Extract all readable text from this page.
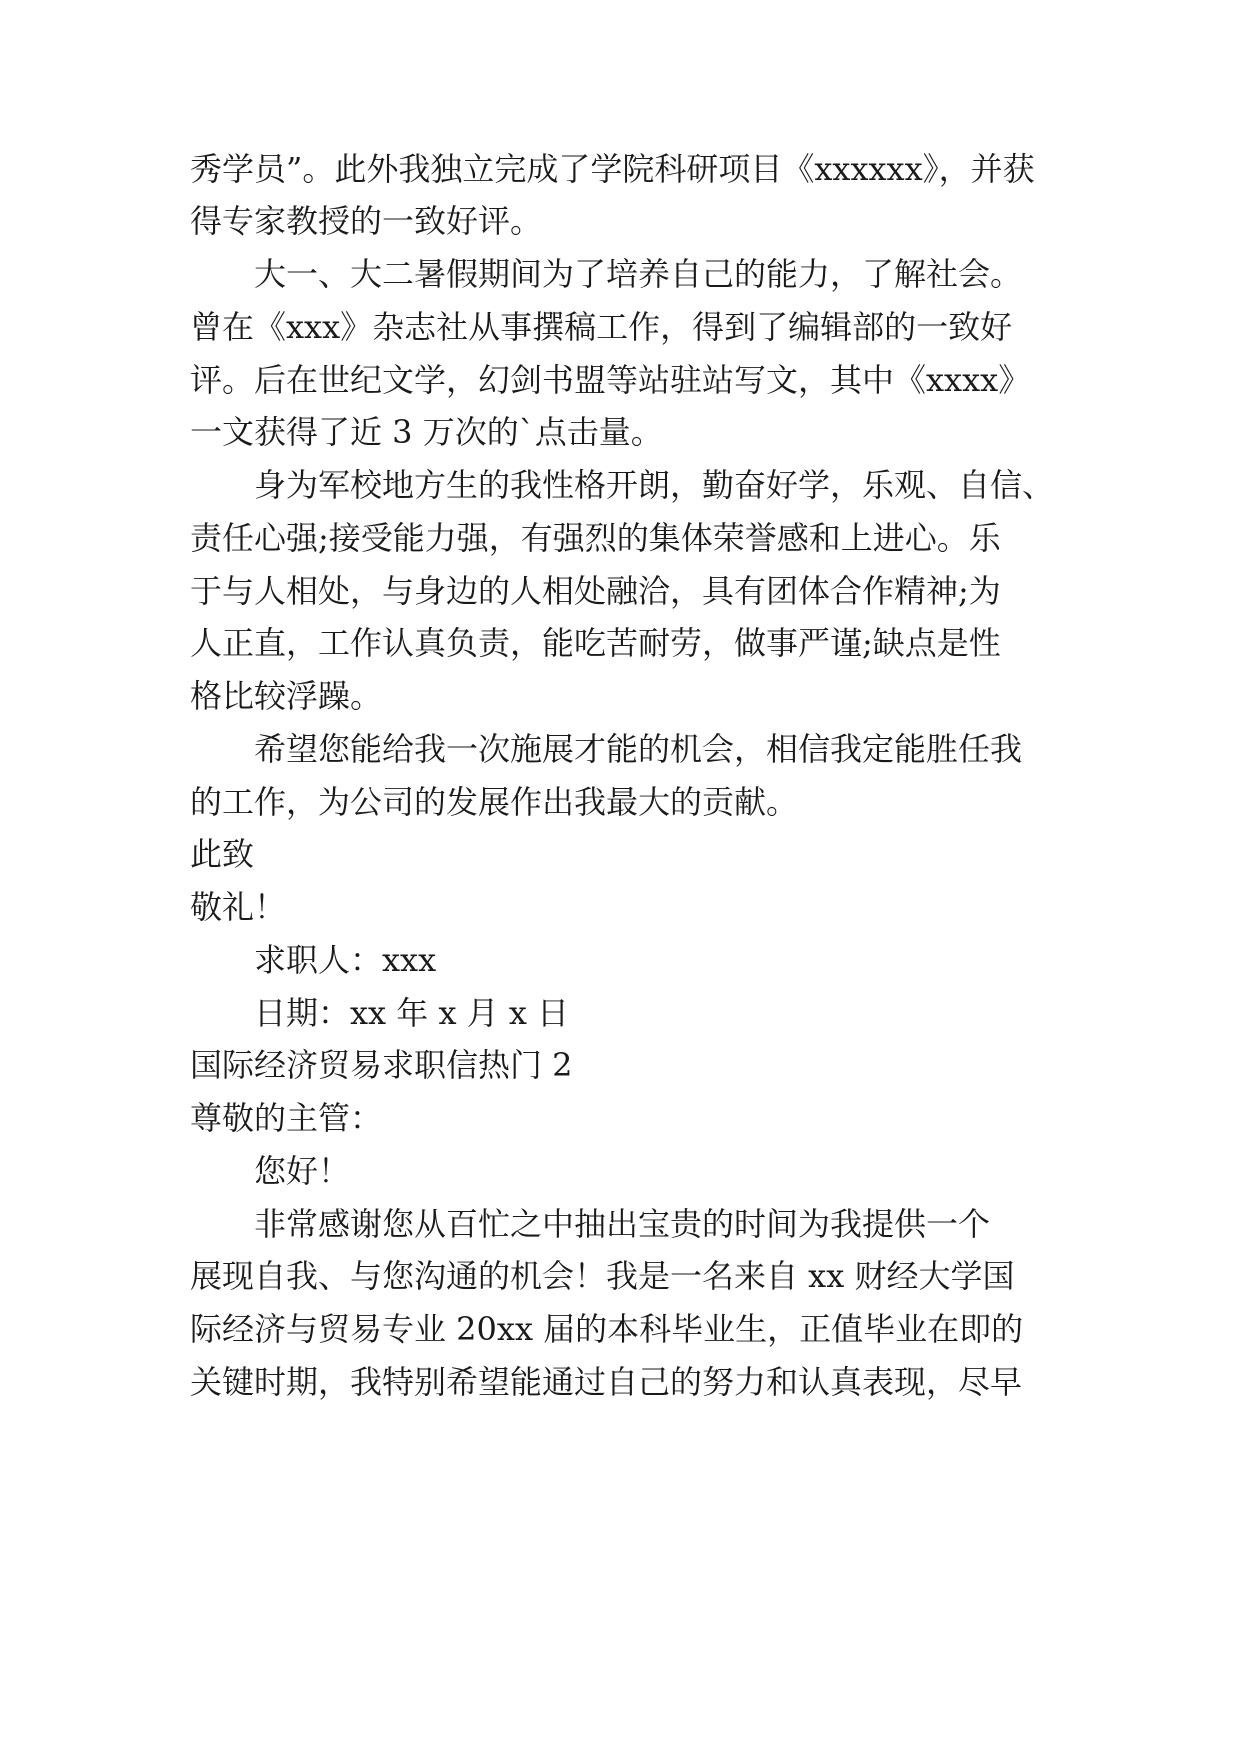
秀学员”。此外我独立完成了学院科研项目《xxxxxx》，并获
得专家教授的一致好评。
大一、大二暑假期间为了培养自己的能力，了解社会。
曾在《xxx》杂志社从事撰稿工作，得到了编辑部的一致好
评。后在世纪文学，幻剑书盟等站驻站写文，其中《xxxx》
一文获得了近 3 万次的`点击量。
身为军校地方生的我性格开朗，勤奋好学，乐观、自信、
责任心强;接受能力强，有强烈的集体荣誉感和上进心。乐
于与人相处，与身边的人相处融洽，具有团体合作精神;为
人正直，工作认真负责，能吃苦耐劳，做事严谨;缺点是性
格比较浮躁。
希望您能给我一次施展才能的机会，相信我定能胜任我
的工作，为公司的发展作出我最大的贡献。
此致
敬礼！
求职人：xxx
日期：xx 年 x 月 x 日
国际经济贸易求职信热门 2
尊敬的主管：
您好！
非常感谢您从百忙之中抽出宝贵的时间为我提供一个
展现自我、与您沟通的机会！我是一名来自 xx 财经大学国
际经济与贸易专业 20xx 届的本科毕业生，正值毕业在即的
关键时期，我特别希望能通过自己的努力和认真表现，尽早
